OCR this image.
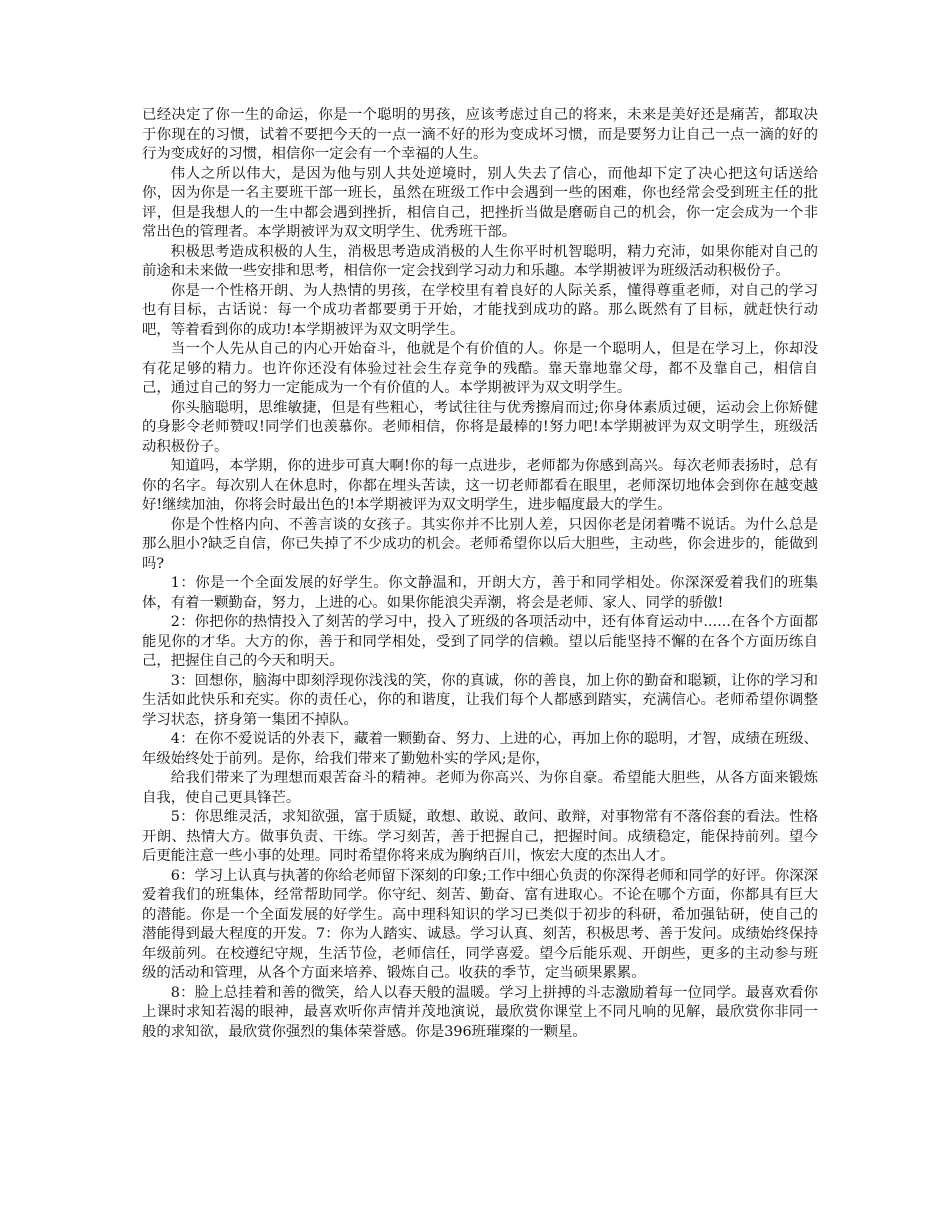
已经决定了你一生的命运，你是一个聪明的男孩，应该考虑过自己的将来，未来是美好还是痛苦，都取决于你现在的习惯，试着不要把今天的一点一滴不好的形为变成坏习惯，而是要努力让自己一点一滴的好的行为变成好的习惯，相信你一定会有一个幸福的人生。

伟人之所以伟大，是因为他与别人共处逆境时，别人失去了信心，而他却下定了决心把这句话送给你，因为你是一名主要班干部一班长，虽然在班级工作中会遇到一些的困难，你也经常会受到班主任的批评，但是我想人的一生中都会遇到挫折，相信自己，把挫折当做是磨砺自己的机会，你一定会成为一个非常出色的管理者。本学期被评为双文明学生、优秀班干部。

积极思考造成积极的人生，消极思考造成消极的人生你平时机智聪明，精力充沛，如果你能对自己的前途和未来做一些安排和思考，相信你一定会找到学习动力和乐趣。本学期被评为班级活动积极份子。

你是一个性格开朗、为人热情的男孩，在学校里有着良好的人际关系，懂得尊重老师，对自己的学习也有目标，古话说：每一个成功者都要勇于开始，才能找到成功的路。那么既然有了目标，就赶快行动吧，等着看到你的成功!本学期被评为双文明学生。

当一个人先从自己的内心开始奋斗，他就是个有价值的人。你是一个聪明人，但是在学习上，你却没有花足够的精力。也许你还没有体验过社会生存竞争的残酷。靠天靠地靠父母，都不及靠自己，相信自己，通过自己的努力一定能成为一个有价值的人。本学期被评为双文明学生。

你头脑聪明，思维敏捷，但是有些粗心，考试往往与优秀擦肩而过;你身体素质过硬，运动会上你矫健的身影令老师赞叹!同学们也羡慕你。老师相信，你将是最棒的!努力吧!本学期被评为双文明学生，班级活动积极份子。

知道吗，本学期，你的进步可真大啊!你的每一点进步，老师都为你感到高兴。每次老师表扬时，总有你的名字。每次别人在休息时，你都在埋头苦读，这一切老师都看在眼里，老师深切地体会到你在越变越好!继续加油，你将会时最出色的!本学期被评为双文明学生，进步幅度最大的学生。

你是个性格内向、不善言谈的女孩子。其实你并不比别人差，只因你老是闭着嘴不说话。为什么总是那么胆小?缺乏自信，你已失掉了不少成功的机会。老师希望你以后大胆些，主动些，你会进步的，能做到吗?

1：你是一个全面发展的好学生。你文静温和，开朗大方，善于和同学相处。你深深爱着我们的班集体，有着一颗勤奋，努力，上进的心。如果你能浪尖弄潮，将会是老师、家人、同学的骄傲!

2：你把你的热情投入了刻苦的学习中，投入了班级的各项活动中，还有体育运动中......在各个方面都能见你的才华。大方的你，善于和同学相处，受到了同学的信赖。望以后能坚持不懈的在各个方面历练自己，把握住自己的今天和明天。

3：回想你，脑海中即刻浮现你浅浅的笑，你的真诚，你的善良，加上你的勤奋和聪颖，让你的学习和生活如此快乐和充实。你的责任心，你的和谐度，让我们每个人都感到踏实，充满信心。老师希望你调整学习状态，挤身第一集团不掉队。

4：在你不爱说话的外表下，藏着一颗勤奋、努力、上进的心，再加上你的聪明，才智，成绩在班级、年级始终处于前列。是你，给我们带来了勤勉朴实的学风;是你，

给我们带来了为理想而艰苦奋斗的精神。老师为你高兴、为你自豪。希望能大胆些，从各方面来锻炼自我，使自己更具锋芒。

5：你思维灵活，求知欲强，富于质疑，敢想、敢说、敢问、敢辩，对事物常有不落俗套的看法。性格开朗、热情大方。做事负责、干练。学习刻苦，善于把握自己，把握时间。成绩稳定，能保持前列。望今后更能注意一些小事的处理。同时希望你将来成为胸纳百川，恢宏大度的杰出人才。

6：学习上认真与执著的你给老师留下深刻的印象;工作中细心负责的你深得老师和同学的好评。你深深爱着我们的班集体，经常帮助同学。你守纪、刻苦、勤奋、富有进取心。不论在哪个方面，你都具有巨大的潜能。你是一个全面发展的好学生。高中理科知识的学习已类似于初步的科研，希加强钻研，使自己的潜能得到最大程度的开发。7：你为人踏实、诚恳。学习认真、刻苦，积极思考、善于发问。成绩始终保持年级前列。在校遵纪守规，生活节俭，老师信任，同学喜爱。望今后能乐观、开朗些，更多的主动参与班级的活动和管理，从各个方面来培养、锻炼自己。收获的季节，定当硕果累累。

8：脸上总挂着和善的微笑，给人以春天般的温暖。学习上拼搏的斗志激励着每一位同学。最喜欢看你上课时求知若渴的眼神，最喜欢听你声情并茂地演说，最欣赏你课堂上不同凡响的见解，最欣赏你非同一般的求知欲，最欣赏你强烈的集体荣誉感。你是396班璀璨的一颗星。
